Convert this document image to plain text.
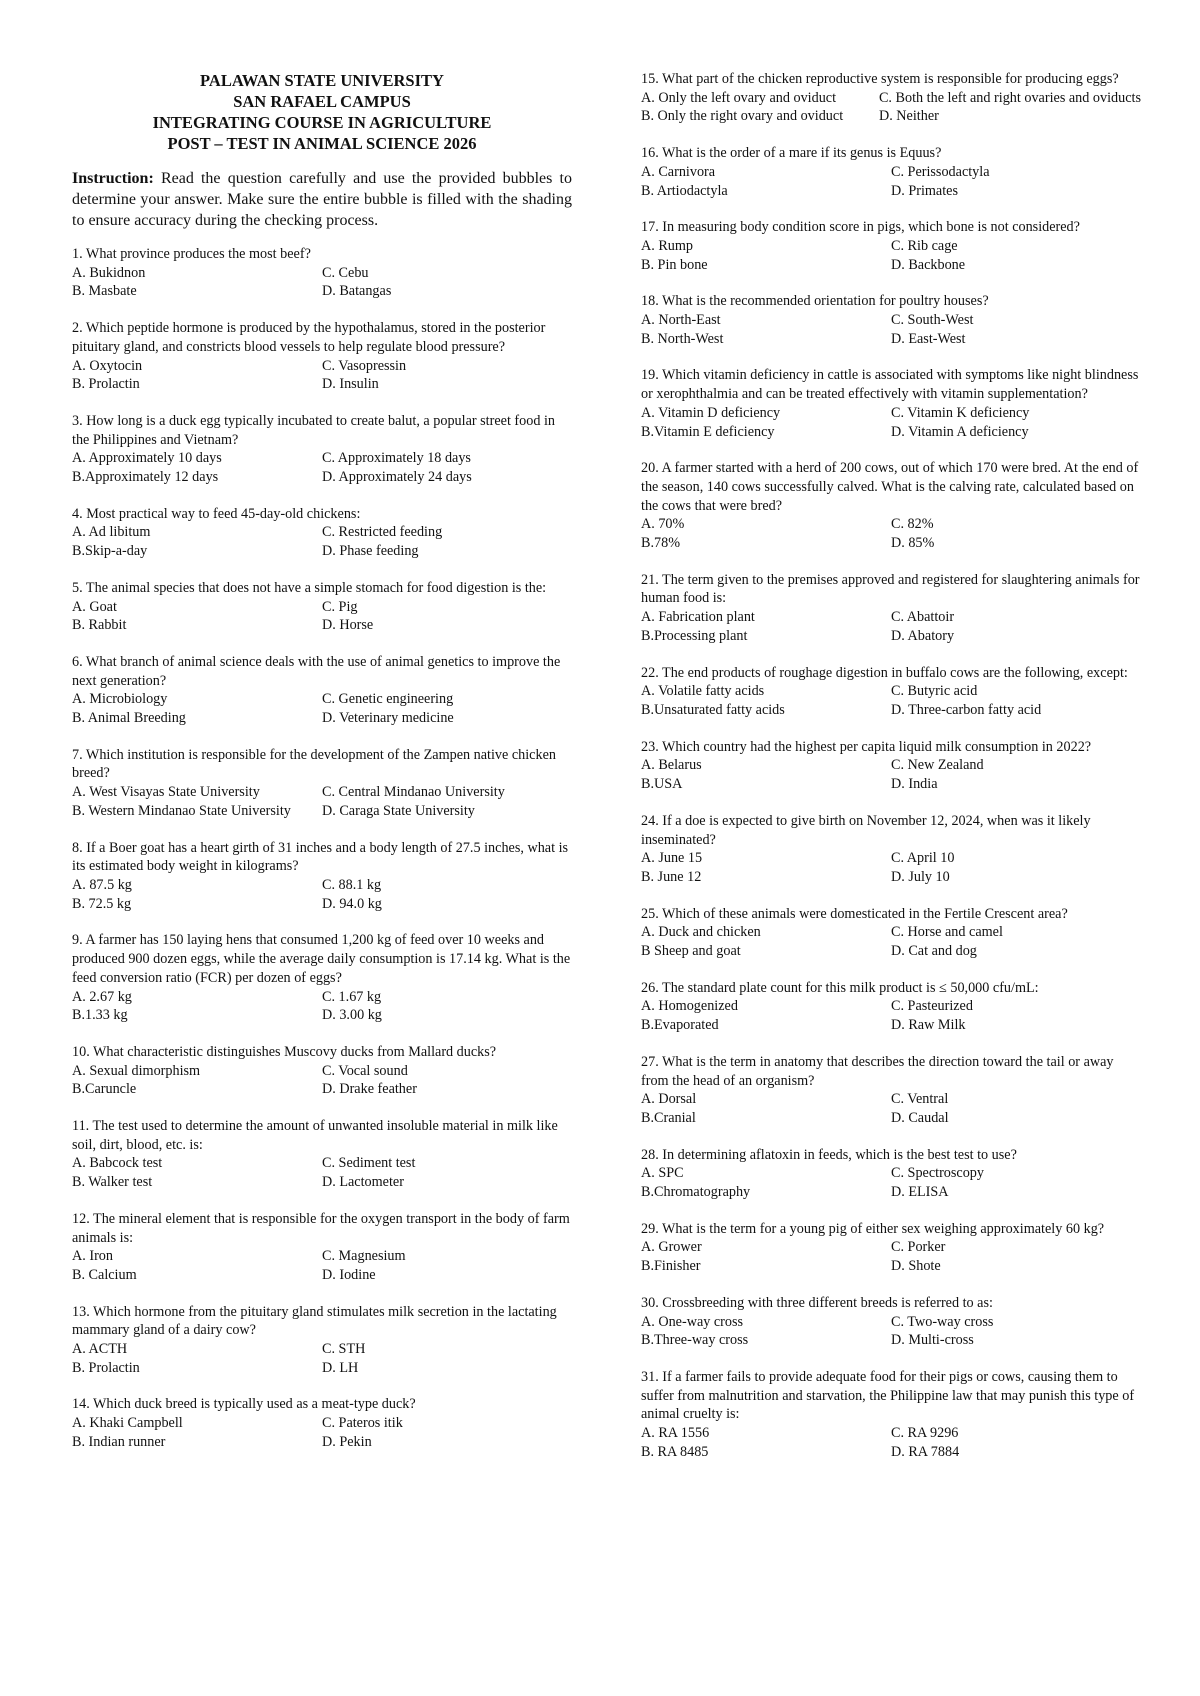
PALAWAN STATE UNIVERSITY
SAN RAFAEL CAMPUS
INTEGRATING COURSE IN AGRICULTURE
POST – TEST IN ANIMAL SCIENCE 2026
Instruction: Read the question carefully and use the provided bubbles to determine your answer. Make sure the entire bubble is filled with the shading to ensure accuracy during the checking process.
1. What province produces the most beef?
A. Bukidnon	C. Cebu
B. Masbate	D. Batangas
2. Which peptide hormone is produced by the hypothalamus, stored in the posterior pituitary gland, and constricts blood vessels to help regulate blood pressure?
A. Oxytocin	C. Vasopressin
B. Prolactin	D. Insulin
3. How long is a duck egg typically incubated to create balut, a popular street food in the Philippines and Vietnam?
A. Approximately 10 days	C. Approximately 18 days
B.Approximately 12 days	D. Approximately 24 days
4. Most practical way to feed 45-day-old chickens:
A. Ad libitum	C. Restricted feeding
B.Skip-a-day	D. Phase feeding
5. The animal species that does not have a simple stomach for food digestion is the:
A. Goat	C. Pig
B. Rabbit	D. Horse
6. What branch of animal science deals with the use of animal genetics to improve the next generation?
A. Microbiology	C. Genetic engineering
B. Animal Breeding	D. Veterinary medicine
7. Which institution is responsible for the development of the Zampen native chicken breed?
A. West Visayas State University	C. Central Mindanao University
B. Western Mindanao State University	D. Caraga State University
8. If a Boer goat has a heart girth of 31 inches and a body length of 27.5 inches, what is its estimated body weight in kilograms?
A. 87.5 kg	C. 88.1 kg
B. 72.5 kg	D. 94.0 kg
9. A farmer has 150 laying hens that consumed 1,200 kg of feed over 10 weeks and produced 900 dozen eggs, while the average daily consumption is 17.14 kg. What is the feed conversion ratio (FCR) per dozen of eggs?
A. 2.67 kg	C. 1.67 kg
B.1.33 kg	D. 3.00 kg
10. What characteristic distinguishes Muscovy ducks from Mallard ducks?
A. Sexual dimorphism	C. Vocal sound
B.Caruncle	D. Drake feather
11. The test used to determine the amount of unwanted insoluble material in milk like soil, dirt, blood, etc. is:
A. Babcock test	C. Sediment test
B. Walker test	D. Lactometer
12. The mineral element that is responsible for the oxygen transport in the body of farm animals is:
A. Iron	C. Magnesium
B. Calcium	D. Iodine
13. Which hormone from the pituitary gland stimulates milk secretion in the lactating mammary gland of a dairy cow?
A. ACTH	C. STH
B. Prolactin	D. LH
14. Which duck breed is typically used as a meat-type duck?
A. Khaki Campbell	C. Pateros itik
B. Indian runner	D. Pekin
15. What part of the chicken reproductive system is responsible for producing eggs?
A. Only the left ovary and oviduct	C. Both the left and right ovaries and oviducts
B. Only the right ovary and oviduct	D. Neither
16. What is the order of a mare if its genus is Equus?
A. Carnivora	C. Perissodactyla
B. Artiodactyla	D. Primates
17. In measuring body condition score in pigs, which bone is not considered?
A. Rump	C. Rib cage
B. Pin bone	D. Backbone
18. What is the recommended orientation for poultry houses?
A. North-East	C. South-West
B. North-West	D. East-West
19. Which vitamin deficiency in cattle is associated with symptoms like night blindness or xerophthalmia and can be treated effectively with vitamin supplementation?
A. Vitamin D deficiency	C. Vitamin K deficiency
B.Vitamin E deficiency	D. Vitamin A deficiency
20. A farmer started with a herd of 200 cows, out of which 170 were bred. At the end of the season, 140 cows successfully calved. What is the calving rate, calculated based on the cows that were bred?
A. 70%	C. 82%
B.78%	D. 85%
21. The term given to the premises approved and registered for slaughtering animals for human food is:
A. Fabrication plant	C. Abattoir
B.Processing plant	D. Abatory
22. The end products of roughage digestion in buffalo cows are the following, except:
A. Volatile fatty acids	C. Butyric acid
B.Unsaturated fatty acids	D. Three-carbon fatty acid
23. Which country had the highest per capita liquid milk consumption in 2022?
A. Belarus	C. New Zealand
B.USA	D. India
24. If a doe is expected to give birth on November 12, 2024, when was it likely inseminated?
A. June 15	C. April 10
B. June 12	D. July 10
25. Which of these animals were domesticated in the Fertile Crescent area?
A. Duck and chicken	C. Horse and camel
B Sheep and goat	D. Cat and dog
26. The standard plate count for this milk product is ≤ 50,000 cfu/mL:
A. Homogenized	C. Pasteurized
B.Evaporated	D. Raw Milk
27. What is the term in anatomy that describes the direction toward the tail or away from the head of an organism?
A. Dorsal	C. Ventral
B.Cranial	D. Caudal
28. In determining aflatoxin in feeds, which is the best test to use?
A. SPC	C. Spectroscopy
B.Chromatography	D. ELISA
29. What is the term for a young pig of either sex weighing approximately 60 kg?
A. Grower	C. Porker
B.Finisher	D. Shote
30. Crossbreeding with three different breeds is referred to as:
A. One-way cross	C. Two-way cross
B.Three-way cross	D. Multi-cross
31. If a farmer fails to provide adequate food for their pigs or cows, causing them to suffer from malnutrition and starvation, the Philippine law that may punish this type of animal cruelty is:
A. RA 1556	C. RA 9296
B. RA 8485	D. RA 7884
